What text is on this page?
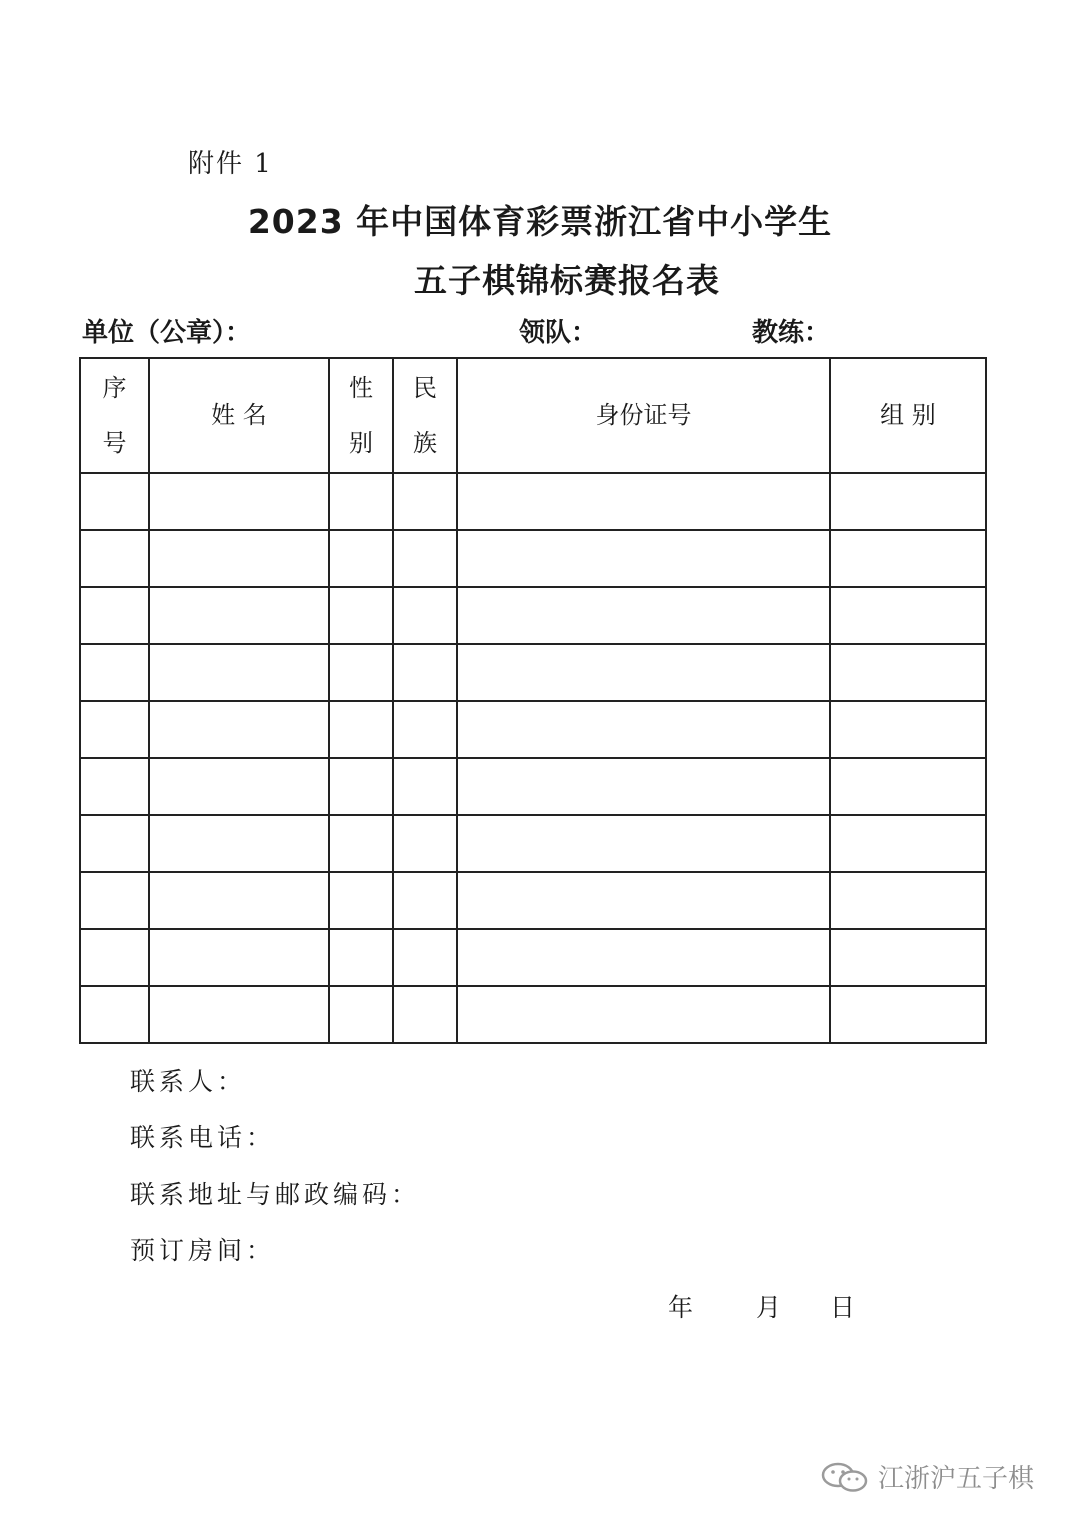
附件 1
2023 年中国体育彩票浙江省中小学生
五子棋锦标赛报名表
单位（公章）：	领队：	教练：
序号	姓 名	性别	民族	身份证号	组 别

联系人：
联系电话：
联系地址与邮政编码：
预订房间：
年	月 日
江浙沪五子棋
